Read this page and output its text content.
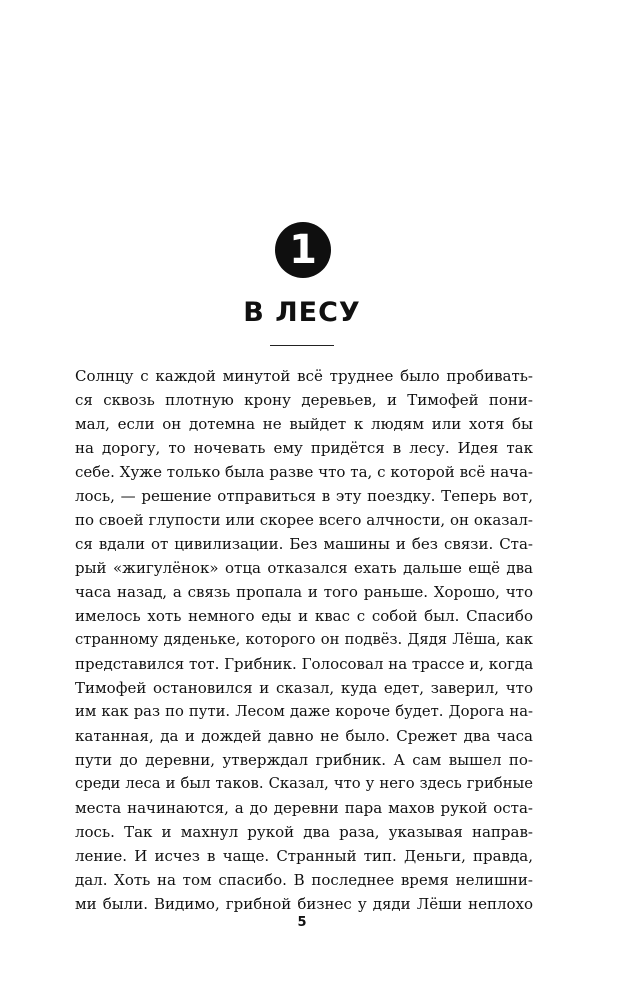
1
В ЛЕСУ
Солнцу с каждой минутой всё труднее было пробивать-
ся сквозь плотную крону деревьев, и Тимофей пони-
мал, если он дотемна не выйдет к людям или хотя бы
на дорогу, то ночевать ему придётся в лесу. Идея так
себе. Хуже только была разве что та, с которой всё нача-
лось, — решение отправиться в эту поездку. Теперь вот,
по своей глупости или скорее всего алчности, он оказал-
ся вдали от цивилизации. Без машины и без связи. Ста-
рый «жигулёнок» отца отказался ехать дальше ещё два
часа назад, а связь пропала и того раньше. Хорошо, что
имелось хоть немного еды и квас с собой был. Спасибо
странному дяденьке, которого он подвёз. Дядя Лёша, как
представился тот. Грибник. Голосовал на трассе и, когда
Тимофей остановился и сказал, куда едет, заверил, что
им как раз по пути. Лесом даже короче будет. Дорога на-
катанная, да и дождей давно не было. Срежет два часа
пути до деревни, утверждал грибник. А сам вышел по-
среди леса и был таков. Сказал, что у него здесь грибные
места начинаются, а до деревни пара махов рукой оста-
лось. Так и махнул рукой два раза, указывая направ-
ление. И исчез в чаще. Странный тип. Деньги, правда,
дал. Хоть на том спасибо. В последнее время нелишни-
ми были. Видимо, грибной бизнес у дяди Лёши неплохо
5
